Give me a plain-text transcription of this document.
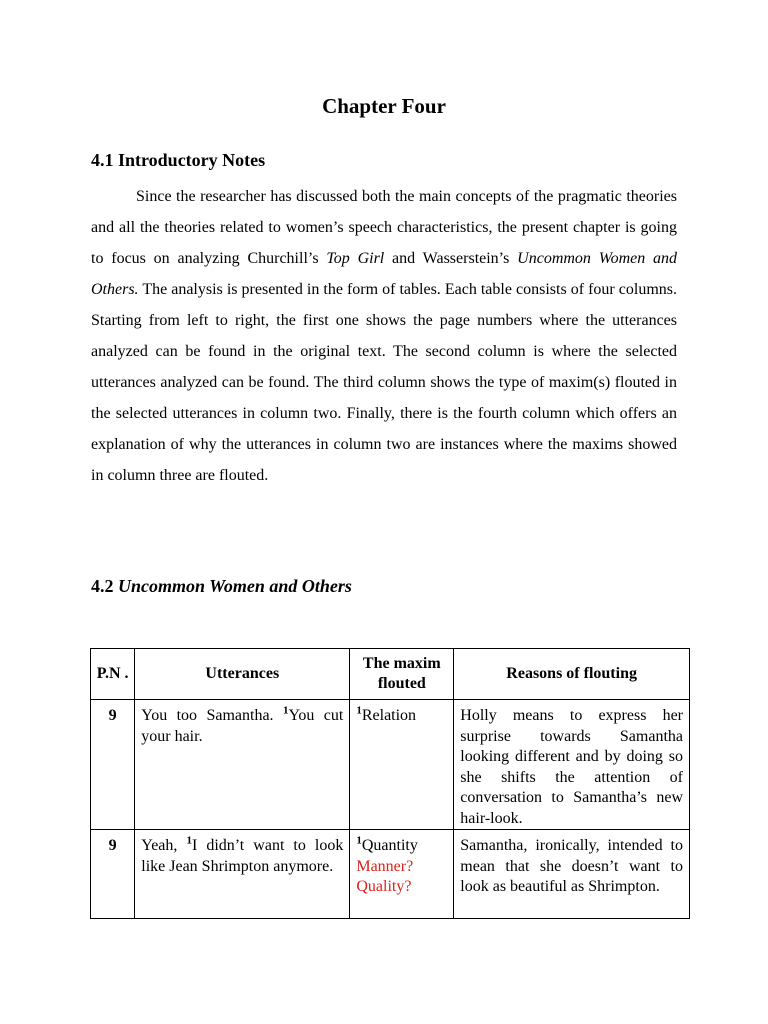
Chapter Four
4.1 Introductory Notes

Since the researcher has discussed both the main concepts of the pragmatic theories and all the theories related to women’s speech characteristics, the present chapter is going to focus on analyzing Churchill’s Top Girl and Wasserstein’s Uncommon Women and Others. The analysis is presented in the form of tables. Each table consists of four columns. Starting from left to right, the first one shows the page numbers where the utterances analyzed can be found in the original text. The second column is where the selected utterances analyzed can be found. The third column shows the type of maxim(s) flouted in the selected utterances in column two. Finally, there is the fourth column which offers an explanation of why the utterances in column two are instances where the maxims showed in column three are flouted.

4.2 Uncommon Women and Others
P.N .	Utterances	The maxim flouted	Reasons of flouting
9	You too Samantha. $^1$You cut your hair.	$^1$Relation	Holly means to express her surprise towards Samantha looking different and by doing so she shifts the attention of conversation to Samantha’s new hair-look.
9	Yeah, $^1$I didn’t want to look like Jean Shrimpton anymore.	$^1$Quantity
Manner?
Quality?	Samantha, ironically, intended to mean that she doesn’t want to look as beautiful as Shrimpton.
